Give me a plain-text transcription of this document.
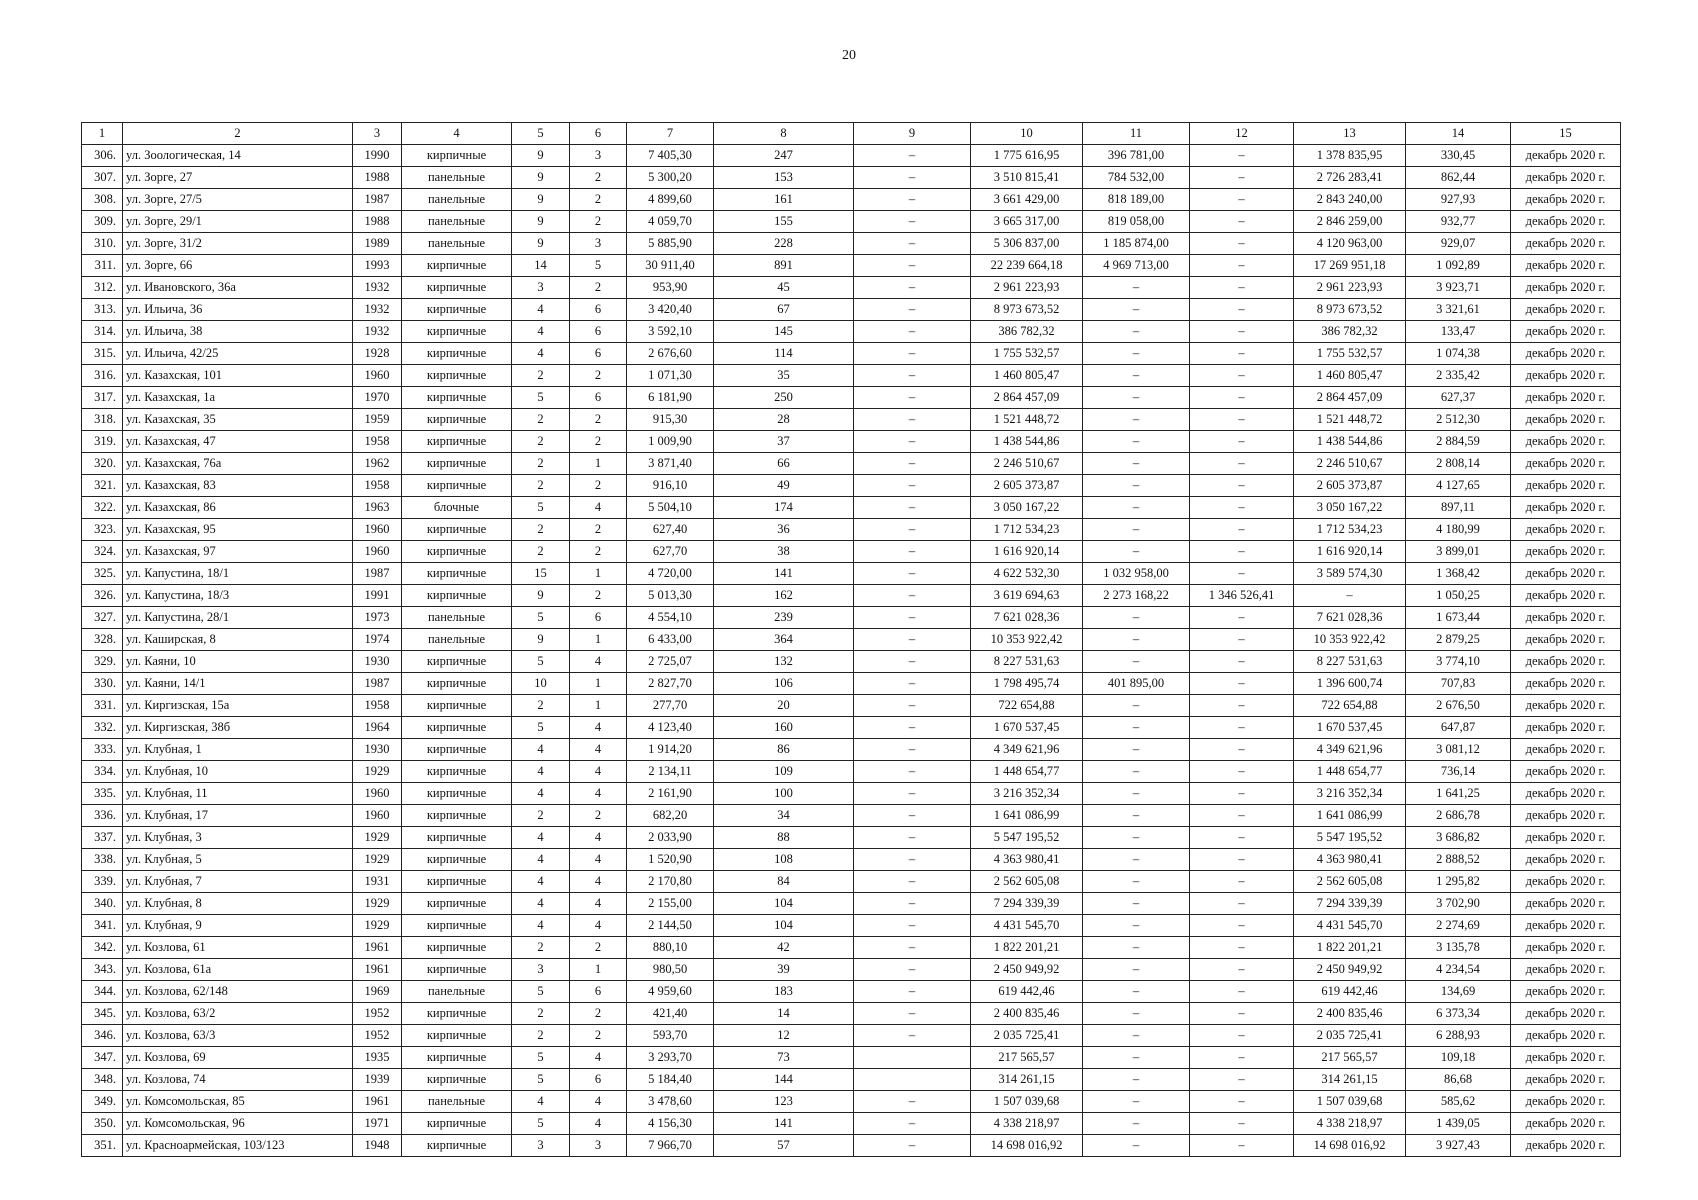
20
1	2	3	4	5	6	7	8	9	10	11	12	13	14	15
306.	ул. Зоологическая, 14	1990	кирпичные	9	3	7 405,30	247	–	1 775 616,95	396 781,00	–	1 378 835,95	330,45	декабрь 2020 г.
307.	ул. Зорге, 27	1988	панельные	9	2	5 300,20	153	–	3 510 815,41	784 532,00	–	2 726 283,41	862,44	декабрь 2020 г.
308.	ул. Зорге, 27/5	1987	панельные	9	2	4 899,60	161	–	3 661 429,00	818 189,00	–	2 843 240,00	927,93	декабрь 2020 г.
309.	ул. Зорге, 29/1	1988	панельные	9	2	4 059,70	155	–	3 665 317,00	819 058,00	–	2 846 259,00	932,77	декабрь 2020 г.
310.	ул. Зорге, 31/2	1989	панельные	9	3	5 885,90	228	–	5 306 837,00	1 185 874,00	–	4 120 963,00	929,07	декабрь 2020 г.
311.	ул. Зорге, 66	1993	кирпичные	14	5	30 911,40	891	–	22 239 664,18	4 969 713,00	–	17 269 951,18	1 092,89	декабрь 2020 г.
312.	ул. Ивановского, 36а	1932	кирпичные	3	2	953,90	45	–	2 961 223,93	–	–	2 961 223,93	3 923,71	декабрь 2020 г.
313.	ул. Ильича, 36	1932	кирпичные	4	6	3 420,40	67	–	8 973 673,52	–	–	8 973 673,52	3 321,61	декабрь 2020 г.
314.	ул. Ильича, 38	1932	кирпичные	4	6	3 592,10	145	–	386 782,32	–	–	386 782,32	133,47	декабрь 2020 г.
315.	ул. Ильича, 42/25	1928	кирпичные	4	6	2 676,60	114	–	1 755 532,57	–	–	1 755 532,57	1 074,38	декабрь 2020 г.
316.	ул. Казахская, 101	1960	кирпичные	2	2	1 071,30	35	–	1 460 805,47	–	–	1 460 805,47	2 335,42	декабрь 2020 г.
317.	ул. Казахская, 1а	1970	кирпичные	5	6	6 181,90	250	–	2 864 457,09	–	–	2 864 457,09	627,37	декабрь 2020 г.
318.	ул. Казахская, 35	1959	кирпичные	2	2	915,30	28	–	1 521 448,72	–	–	1 521 448,72	2 512,30	декабрь 2020 г.
319.	ул. Казахская, 47	1958	кирпичные	2	2	1 009,90	37	–	1 438 544,86	–	–	1 438 544,86	2 884,59	декабрь 2020 г.
320.	ул. Казахская, 76а	1962	кирпичные	2	1	3 871,40	66	–	2 246 510,67	–	–	2 246 510,67	2 808,14	декабрь 2020 г.
321.	ул. Казахская, 83	1958	кирпичные	2	2	916,10	49	–	2 605 373,87	–	–	2 605 373,87	4 127,65	декабрь 2020 г.
322.	ул. Казахская, 86	1963	блочные	5	4	5 504,10	174	–	3 050 167,22	–	–	3 050 167,22	897,11	декабрь 2020 г.
323.	ул. Казахская, 95	1960	кирпичные	2	2	627,40	36	–	1 712 534,23	–	–	1 712 534,23	4 180,99	декабрь 2020 г.
324.	ул. Казахская, 97	1960	кирпичные	2	2	627,70	38	–	1 616 920,14	–	–	1 616 920,14	3 899,01	декабрь 2020 г.
325.	ул. Капустина, 18/1	1987	кирпичные	15	1	4 720,00	141	–	4 622 532,30	1 032 958,00	–	3 589 574,30	1 368,42	декабрь 2020 г.
326.	ул. Капустина, 18/3	1991	кирпичные	9	2	5 013,30	162	–	3 619 694,63	2 273 168,22	1 346 526,41	–	1 050,25	декабрь 2020 г.
327.	ул. Капустина, 28/1	1973	панельные	5	6	4 554,10	239	–	7 621 028,36	–	–	7 621 028,36	1 673,44	декабрь 2020 г.
328.	ул. Каширская, 8	1974	панельные	9	1	6 433,00	364	–	10 353 922,42	–	–	10 353 922,42	2 879,25	декабрь 2020 г.
329.	ул. Каяни, 10	1930	кирпичные	5	4	2 725,07	132	–	8 227 531,63	–	–	8 227 531,63	3 774,10	декабрь 2020 г.
330.	ул. Каяни, 14/1	1987	кирпичные	10	1	2 827,70	106	–	1 798 495,74	401 895,00	–	1 396 600,74	707,83	декабрь 2020 г.
331.	ул. Киргизская, 15а	1958	кирпичные	2	1	277,70	20	–	722 654,88	–	–	722 654,88	2 676,50	декабрь 2020 г.
332.	ул. Киргизская, 38б	1964	кирпичные	5	4	4 123,40	160	–	1 670 537,45	–	–	1 670 537,45	647,87	декабрь 2020 г.
333.	ул. Клубная, 1	1930	кирпичные	4	4	1 914,20	86	–	4 349 621,96	–	–	4 349 621,96	3 081,12	декабрь 2020 г.
334.	ул. Клубная, 10	1929	кирпичные	4	4	2 134,11	109	–	1 448 654,77	–	–	1 448 654,77	736,14	декабрь 2020 г.
335.	ул. Клубная, 11	1960	кирпичные	4	4	2 161,90	100	–	3 216 352,34	–	–	3 216 352,34	1 641,25	декабрь 2020 г.
336.	ул. Клубная, 17	1960	кирпичные	2	2	682,20	34	–	1 641 086,99	–	–	1 641 086,99	2 686,78	декабрь 2020 г.
337.	ул. Клубная, 3	1929	кирпичные	4	4	2 033,90	88	–	5 547 195,52	–	–	5 547 195,52	3 686,82	декабрь 2020 г.
338.	ул. Клубная, 5	1929	кирпичные	4	4	1 520,90	108	–	4 363 980,41	–	–	4 363 980,41	2 888,52	декабрь 2020 г.
339.	ул. Клубная, 7	1931	кирпичные	4	4	2 170,80	84	–	2 562 605,08	–	–	2 562 605,08	1 295,82	декабрь 2020 г.
340.	ул. Клубная, 8	1929	кирпичные	4	4	2 155,00	104	–	7 294 339,39	–	–	7 294 339,39	3 702,90	декабрь 2020 г.
341.	ул. Клубная, 9	1929	кирпичные	4	4	2 144,50	104	–	4 431 545,70	–	–	4 431 545,70	2 274,69	декабрь 2020 г.
342.	ул. Козлова, 61	1961	кирпичные	2	2	880,10	42	–	1 822 201,21	–	–	1 822 201,21	3 135,78	декабрь 2020 г.
343.	ул. Козлова, 61а	1961	кирпичные	3	1	980,50	39	–	2 450 949,92	–	–	2 450 949,92	4 234,54	декабрь 2020 г.
344.	ул. Козлова, 62/148	1969	панельные	5	6	4 959,60	183	–	619 442,46	–	–	619 442,46	134,69	декабрь 2020 г.
345.	ул. Козлова, 63/2	1952	кирпичные	2	2	421,40	14	–	2 400 835,46	–	–	2 400 835,46	6 373,34	декабрь 2020 г.
346.	ул. Козлова, 63/3	1952	кирпичные	2	2	593,70	12	–	2 035 725,41	–	–	2 035 725,41	6 288,93	декабрь 2020 г.
347.	ул. Козлова, 69	1935	кирпичные	5	4	3 293,70	73		217 565,57	–	–	217 565,57	109,18	декабрь 2020 г.
348.	ул. Козлова, 74	1939	кирпичные	5	6	5 184,40	144		314 261,15	–	–	314 261,15	86,68	декабрь 2020 г.
349.	ул. Комсомольская, 85	1961	панельные	4	4	3 478,60	123	–	1 507 039,68	–	–	1 507 039,68	585,62	декабрь 2020 г.
350.	ул. Комсомольская, 96	1971	кирпичные	5	4	4 156,30	141	–	4 338 218,97	–	–	4 338 218,97	1 439,05	декабрь 2020 г.
351.	ул. Красноармейская, 103/123	1948	кирпичные	3	3	7 966,70	57	–	14 698 016,92	–	–	14 698 016,92	3 927,43	декабрь 2020 г.
